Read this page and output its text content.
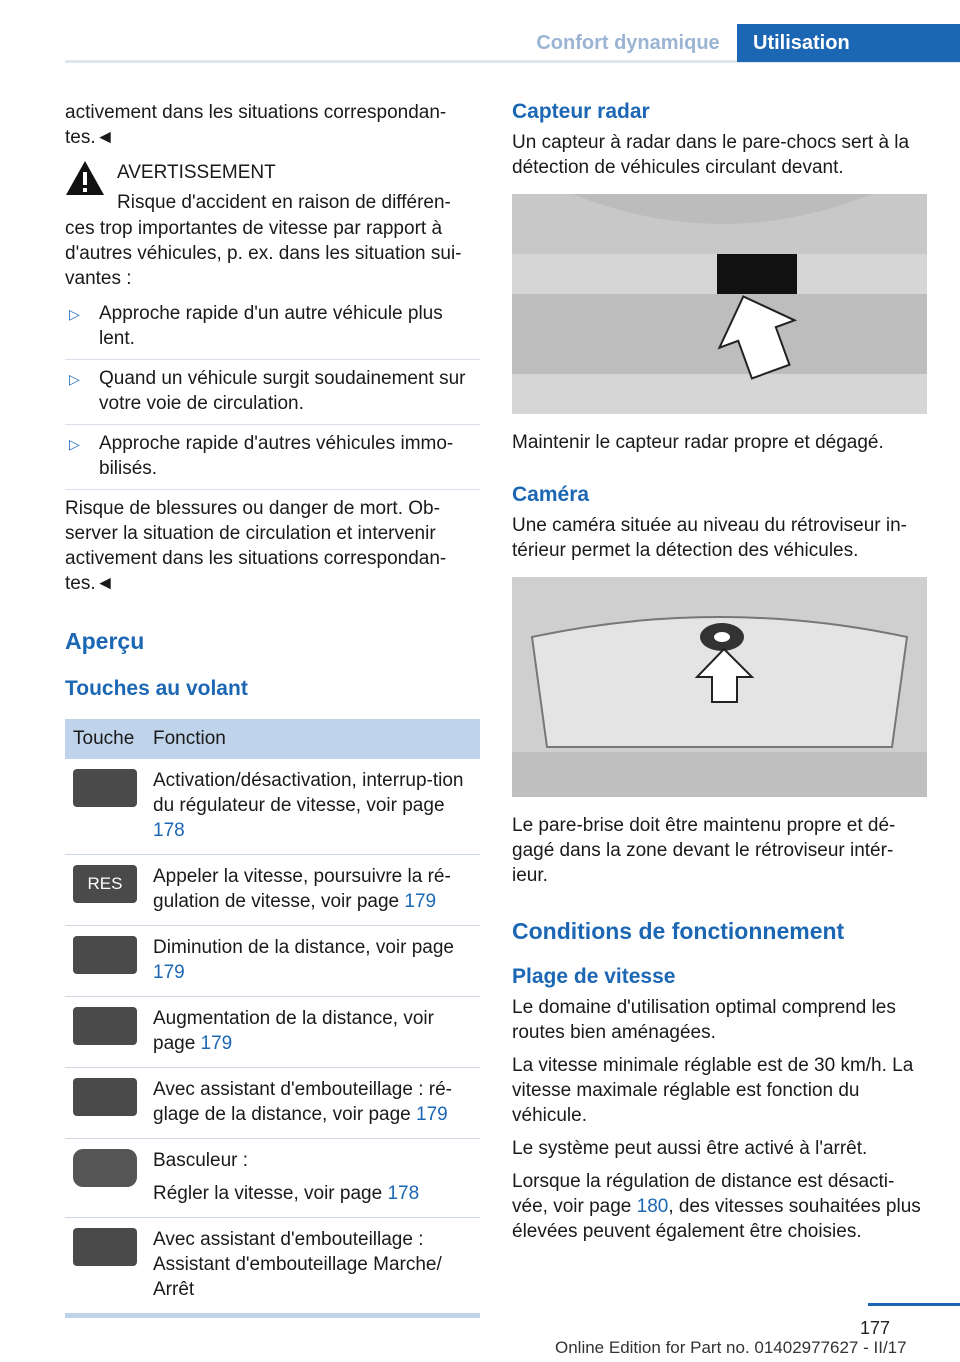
Confort dynamique	Utilisation

activement dans les situations correspondan-tes.◄

AVERTISSEMENT
Risque d'accident en raison de différen-

ces trop importantes de vitesse par rapport à d'autres véhicules, p. ex. dans les situation sui-vantes :

▷ Approche rapide d'un autre véhicule plus lent.
▷ Quand un véhicule surgit soudainement sur votre voie de circulation.
▷ Approche rapide d'autres véhicules immo-bilisés.

Risque de blessures ou danger de mort. Ob-server la situation de circulation et intervenir activement dans les situations correspondan-tes.◄

Aperçu
Touches au volant
Touche	Fonction

	Activation/désactivation, interrup-tion du régulateur de vitesse, voir page 178

RES	Appeler la vitesse, poursuivre la ré-gulation de vitesse, voir page 179

	Diminution de la distance, voir page 179

	Augmentation de la distance, voir page 179

	Avec assistant d'embouteillage : ré-glage de la distance, voir page 179

	Basculeur :
Régler la vitesse, voir page 178

	Avec assistant d'embouteillage : Assistant d'embouteillage Marche/ Arrêt
Capteur radar

Un capteur à radar dans le pare-chocs sert à la détection de véhicules circulant devant.

Maintenir le capteur radar propre et dégagé.

Caméra

Une caméra située au niveau du rétroviseur in-térieur permet la détection des véhicules.

Le pare-brise doit être maintenu propre et dé-gagé dans la zone devant le rétroviseur intér-ieur.

Conditions de fonctionnement
Plage de vitesse

Le domaine d'utilisation optimal comprend les routes bien aménagées.

La vitesse minimale réglable est de 30 km/h. La vitesse maximale réglable est fonction du véhicule.

Le système peut aussi être activé à l'arrêt.

Lorsque la régulation de distance est désacti-vée, voir page 180, des vitesses souhaitées plus élevées peuvent également être choisies.

177
Online Edition for Part no. 01402977627 - II/17
